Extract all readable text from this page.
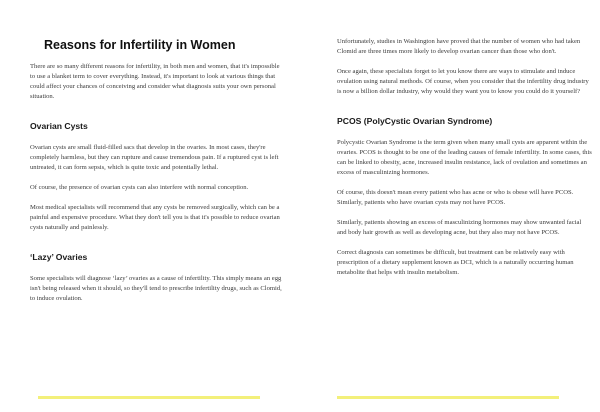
Reasons for Infertility in Women

There are so many different reasons for infertility, in both men and women, that it's impossible to use a blanket term to cover everything. Instead, it's important to look at various things that could affect your chances of conceiving and consider what diagnosis suits your own personal situation.

Ovarian Cysts

Ovarian cysts are small fluid-filled sacs that develop in the ovaries. In most cases, they're completely harmless, but they can rupture and cause tremendous pain. If a ruptured cyst is left untreated, it can form sepsis, which is quite toxic and potentially lethal.

Of course, the presence of ovarian cysts can also interfere with normal conception.

Most medical specialists will recommend that any cysts be removed surgically, which can be a painful and expensive procedure. What they don't tell you is that it's possible to reduce ovarian cysts naturally and painlessly.

‘Lazy’ Ovaries

Some specialists will diagnose ‘lazy’ ovaries as a cause of infertility. This simply means an egg isn't being released when it should, so they'll tend to prescribe infertility drugs, such as Clomid, to induce ovulation.

Unfortunately, studies in Washington have proved that the number of women who had taken Clomid are three times more likely to develop ovarian cancer than those who don't.

Once again, these specialists forget to let you know there are ways to stimulate and induce ovulation using natural methods. Of course, when you consider that the infertility drug industry is now a billion dollar industry, why would they want you to know you could do it yourself?

PCOS (PolyCystic Ovarian Syndrome)

Polycystic Ovarian Syndrome is the term given when many small cysts are apparent within the ovaries. PCOS is thought to be one of the leading causes of female infertility. In some cases, this can be linked to obesity, acne, increased insulin resistance, lack of ovulation and sometimes an excess of masculinizing hormones.

Of course, this doesn't mean every patient who has acne or who is obese will have PCOS. Similarly, patients who have ovarian cysts may not have PCOS.

Similarly, patients showing an excess of masculinizing hormones may show unwanted facial and body hair growth as well as developing acne, but they also may not have PCOS.

Correct diagnosis can sometimes be difficult, but treatment can be relatively easy with prescription of a dietary supplement known as DCI, which is a naturally occurring human metabolite that helps with insulin metabolism.
